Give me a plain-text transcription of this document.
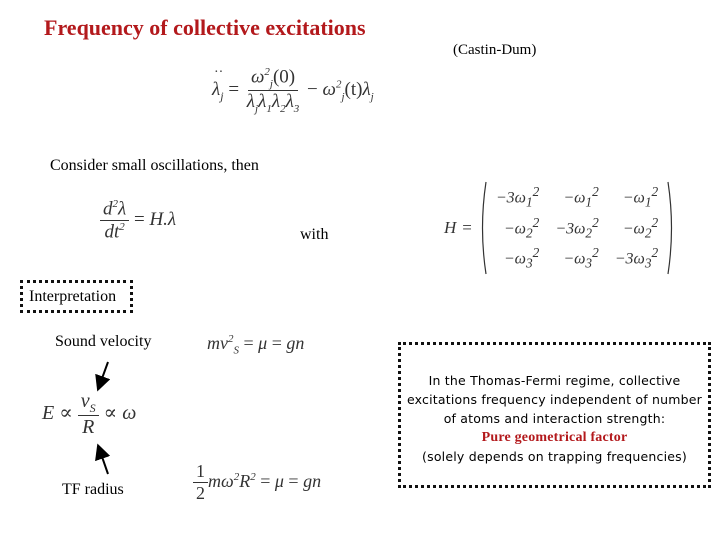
Frequency of collective excitations
(Castin-Dum)
λ
··
$_j = \frac{\omega^2_j(0)}{\lambda_j\lambda_1\lambda_2\lambda_3} - \omega^2_j(t)\lambda_j$
Consider small oscillations, then
$\frac{d^2\lambda}{dt^2} = H.\lambda$
with	H =
$-3\omega_1^2$	$-\omega_1^2$	$-\omega_1^2$
$-\omega_2^2$	$-3\omega_2^2$	$-\omega_2^2$
$-\omega_3^2$	$-\omega_3^2$	$-3\omega_3^2$
Interpretation
Sound velocity	$mv^2_S = \mu$ = gn
$E \propto \frac{v_S}{R} \propto \omega$
TF radius	$\frac{1}{2} m\omega^2R^2 = \mu$ = gn
In the Thomas-Fermi regime, collective
excitations frequency independent of number
of atoms and interaction strength:
Pure geometrical factor
(solely depends on trapping frequencies)
